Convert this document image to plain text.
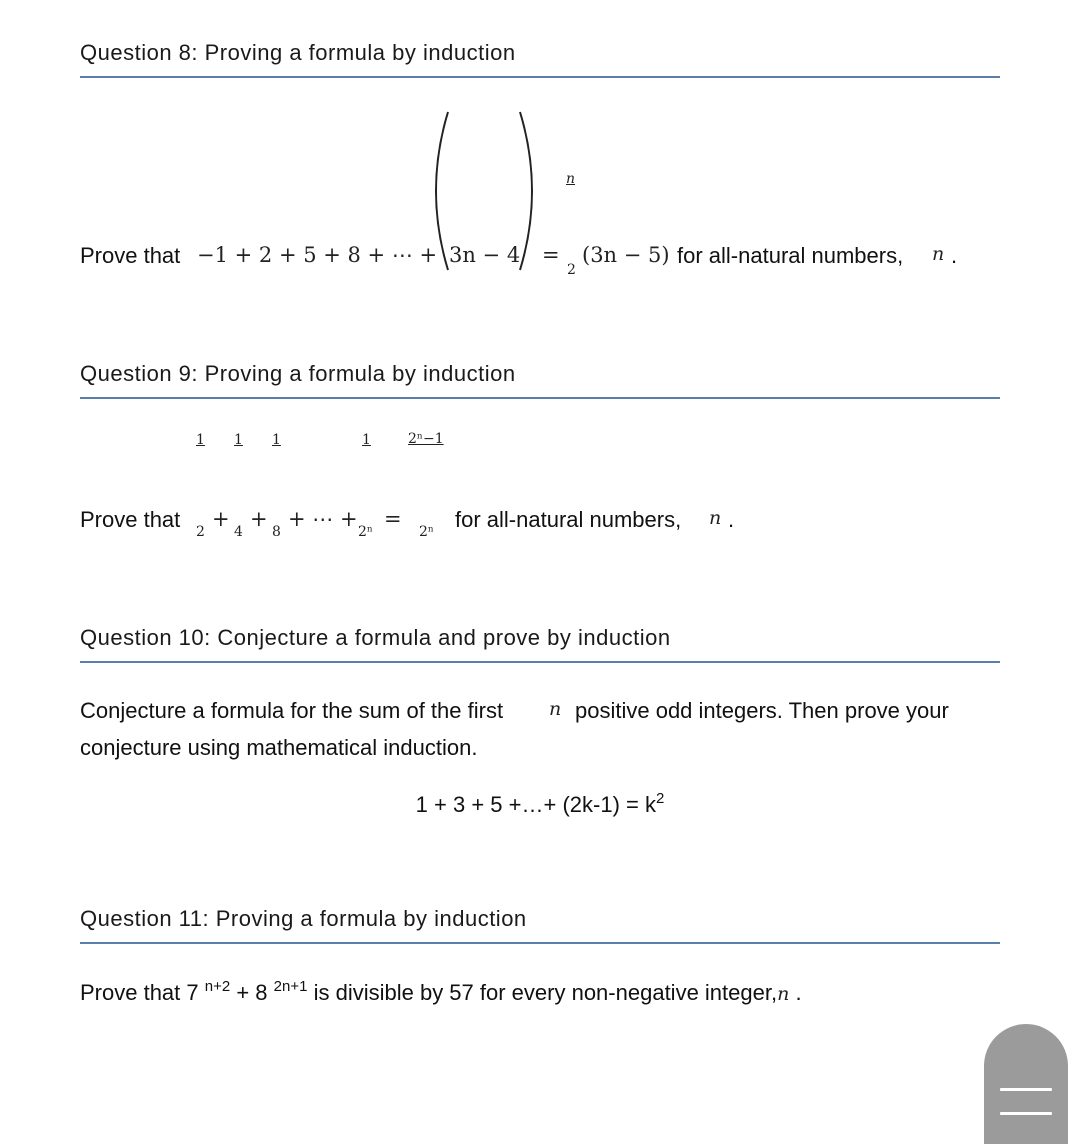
Question 8: Proving a formula by induction
Prove that −1 + 2 + 5 + 8 + ⋯ + 3n − 4 =
n
2
(3n − 5) for all-natural numbers, n .
Question 9: Proving a formula by induction
Prove that
1 1 1	1	2ⁿ−1
2
+
4
+
8
+ ⋯ +
2ⁿ
=
2ⁿ for all-natural numbers, n .
Question 10: Conjecture a formula and prove by induction
Conjecture a formula for the sum of the first n positive odd integers. Then prove your
conjecture using mathematical induction.
1 + 3 + 5 +…+ $(2k-1) = k^2$
Question 11: Proving a formula by induction
Prove that 7 $^{n+2}$ + 8 $^{2n+1}$ is divisible by 57 for every non-negative integer,n .
